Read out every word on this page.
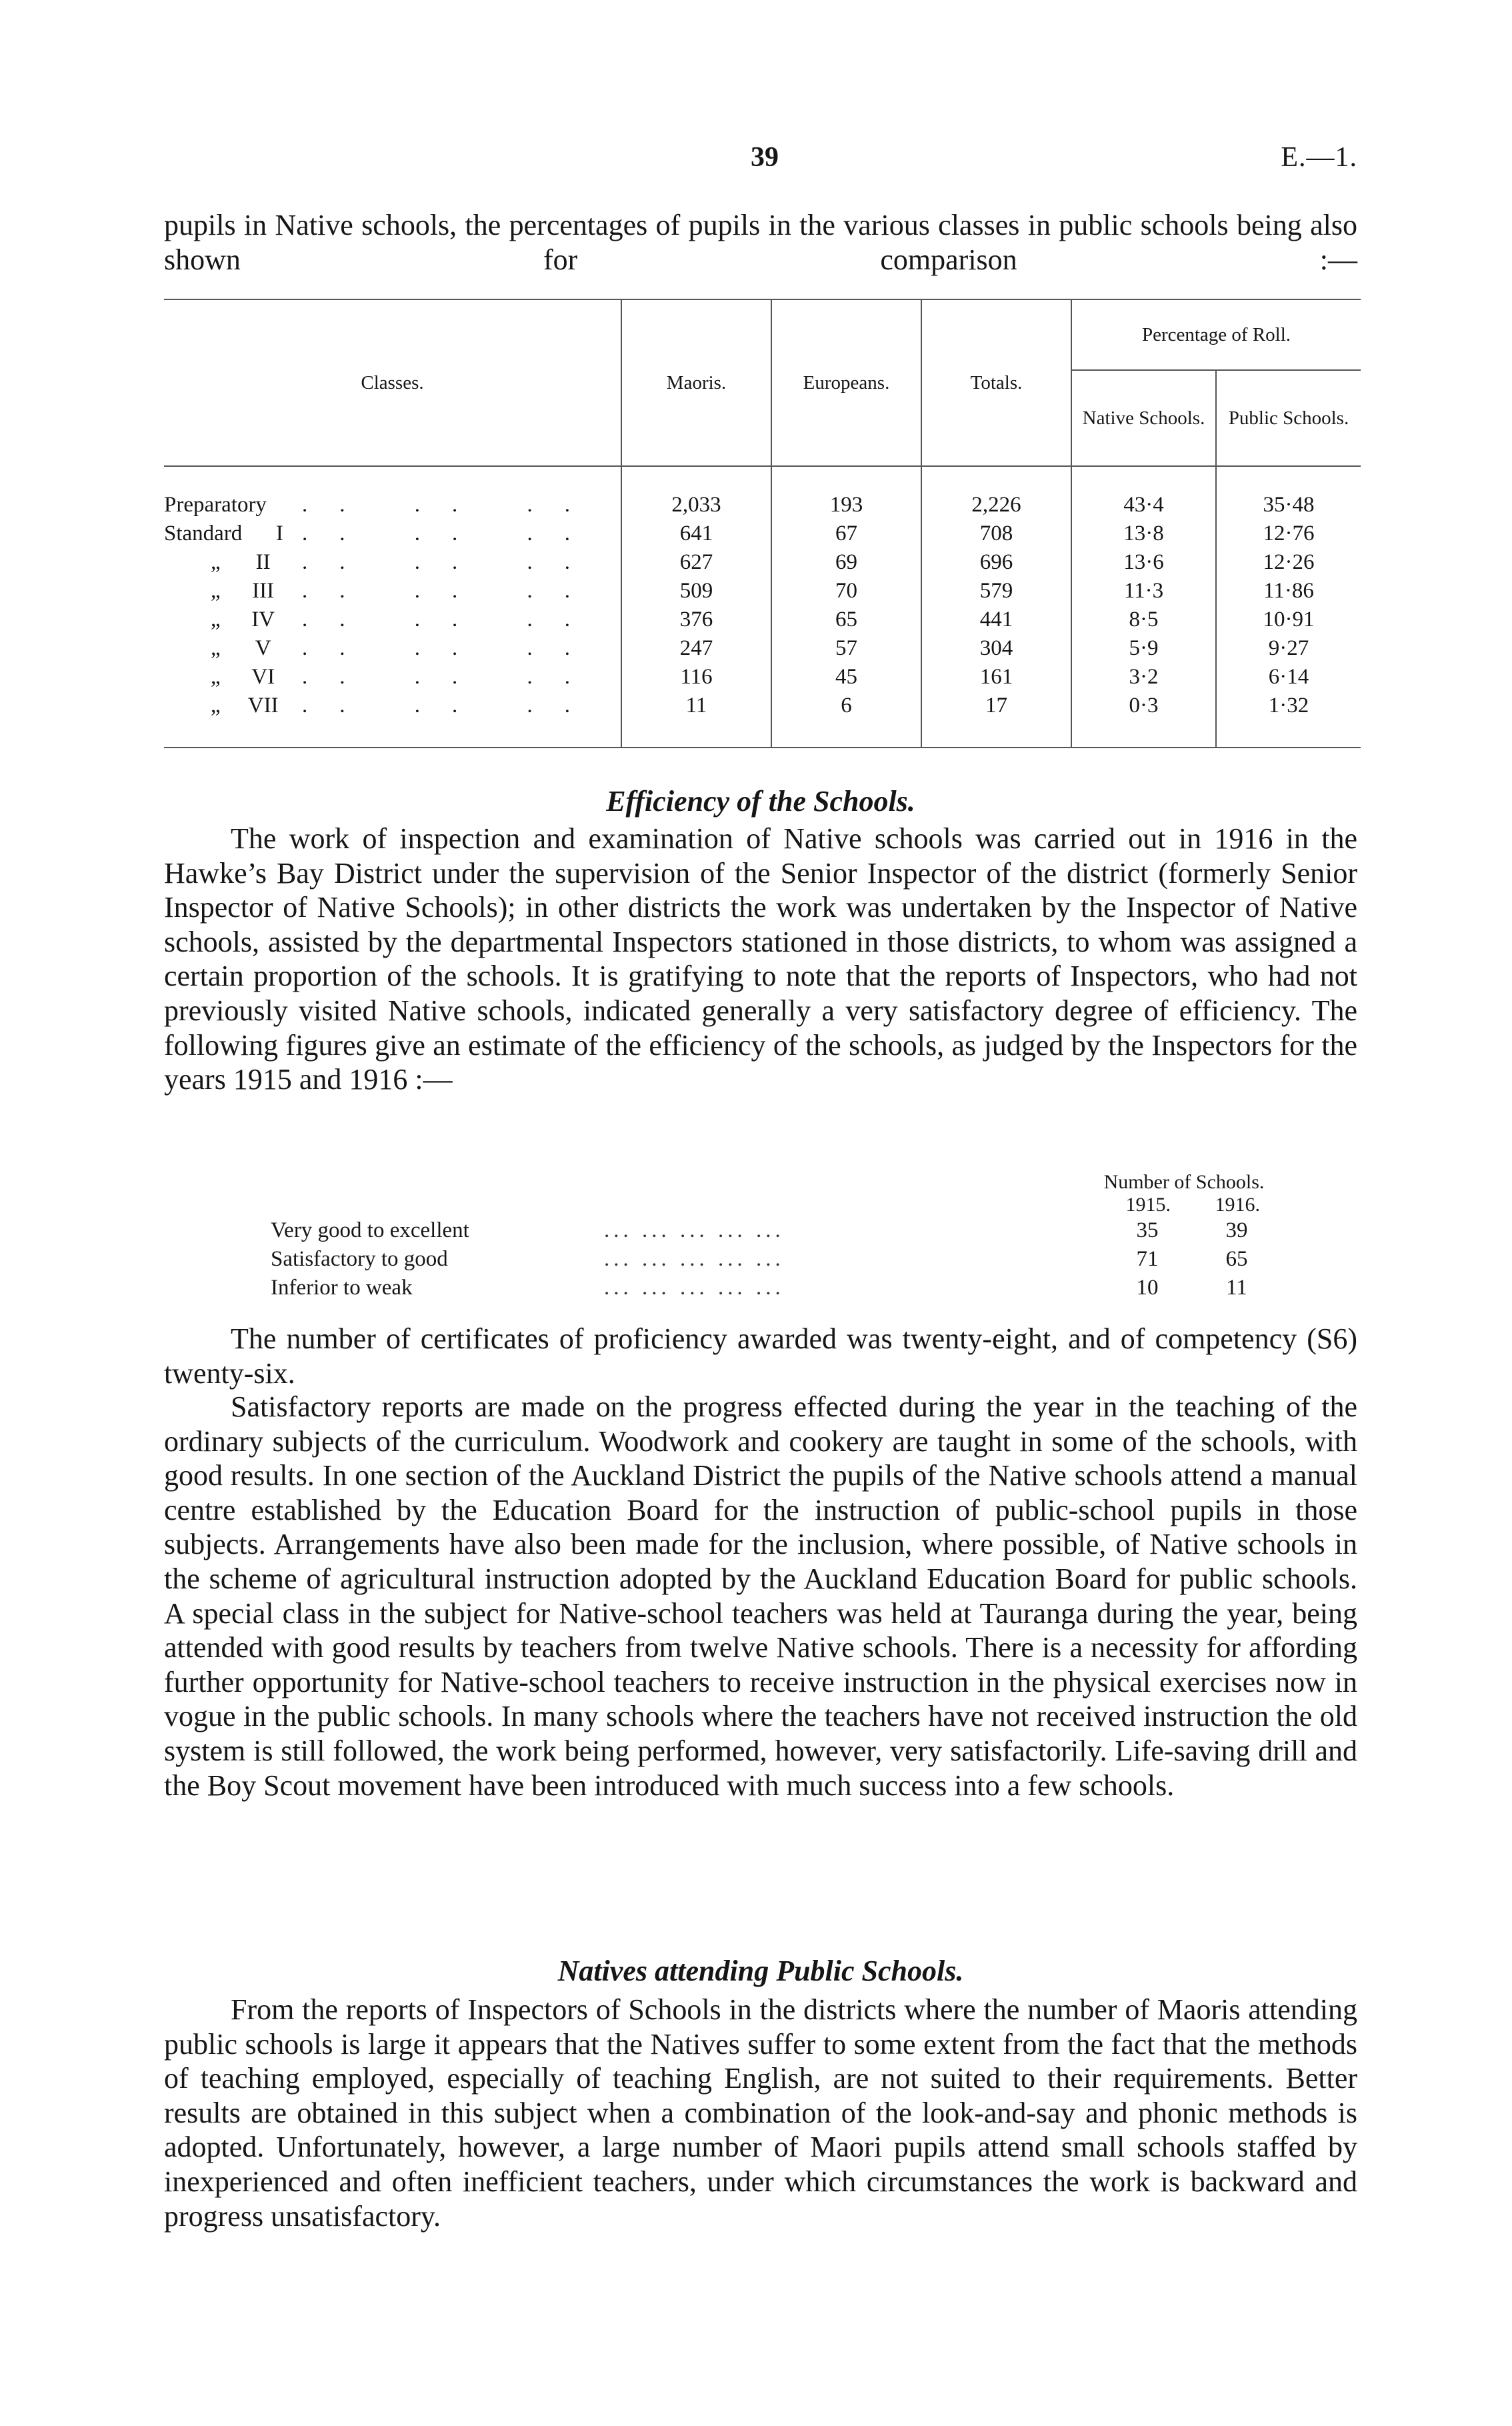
39	E.—1.

pupils in Native schools, the percentages of pupils in the various classes in public schools being also shown for comparison :—

Classes.	Maoris.	Europeans.	Totals.	Percentage of Roll.	
				Native Schools.	Public Schools.
Preparatory .. .. ..	2,033	193	2,226	43·4	35·48
Standard I .. .. ..	641	67	708	13·8	12·76
„ II .. .. ..	627	69	696	13·6	12·26
„ III .. .. ..	509	70	579	11·3	11·86
„ IV .. .. ..	376	65	441	8·5	10·91
„ V .. .. ..	247	57	304	5·9	9·27
„ VI .. .. ..	116	45	161	3·2	6·14
„ VII .. .. ..	11	6	17	0·3	1·32
Efficiency of the Schools.

The work of inspection and examination of Native schools was carried out in 1916 in the Hawke’s Bay District under the supervision of the Senior Inspector of the district (formerly Senior Inspector of Native Schools); in other districts the work was undertaken by the Inspector of Native schools, assisted by the departmental Inspectors stationed in those districts, to whom was assigned a certain proportion of the schools. It is gratifying to note that the reports of Inspectors, who had not previously visited Native schools, indicated generally a very satisfactory degree of efficiency. The following figures give an estimate of the efficiency of the schools, as judged by the Inspectors for the years 1915 and 1916 :—

Number of Schools.
1915. 1916.
Very good to excellent	... ... ... ... ...	35	39
Satisfactory to good	... ... ... ... ...	71	65
Inferior to weak	... ... ... ... ...	10	11

The number of certificates of proficiency awarded was twenty-eight, and of competency (S6) twenty-six.

Satisfactory reports are made on the progress effected during the year in the teaching of the ordinary subjects of the curriculum. Woodwork and cookery are taught in some of the schools, with good results. In one section of the Auckland District the pupils of the Native schools attend a manual centre established by the Education Board for the instruction of public-school pupils in those subjects. Arrangements have also been made for the inclusion, where possible, of Native schools in the scheme of agricultural instruction adopted by the Auckland Education Board for public schools. A special class in the subject for Native-school teachers was held at Tauranga during the year, being attended with good results by teachers from twelve Native schools. There is a necessity for affording further opportunity for Native-school teachers to receive instruction in the physical exercises now in vogue in the public schools. In many schools where the teachers have not received instruction the old system is still followed, the work being performed, however, very satisfactorily. Life-saving drill and the Boy Scout movement have been introduced with much success into a few schools.

Natives attending Public Schools.

From the reports of Inspectors of Schools in the districts where the number of Maoris attending public schools is large it appears that the Natives suffer to some extent from the fact that the methods of teaching employed, especially of teaching English, are not suited to their requirements. Better results are obtained in this subject when a combination of the look-and-say and phonic methods is adopted. Unfortunately, however, a large number of Maori pupils attend small schools staffed by inexperienced and often inefficient teachers, under which circumstances the work is backward and progress unsatisfactory.
